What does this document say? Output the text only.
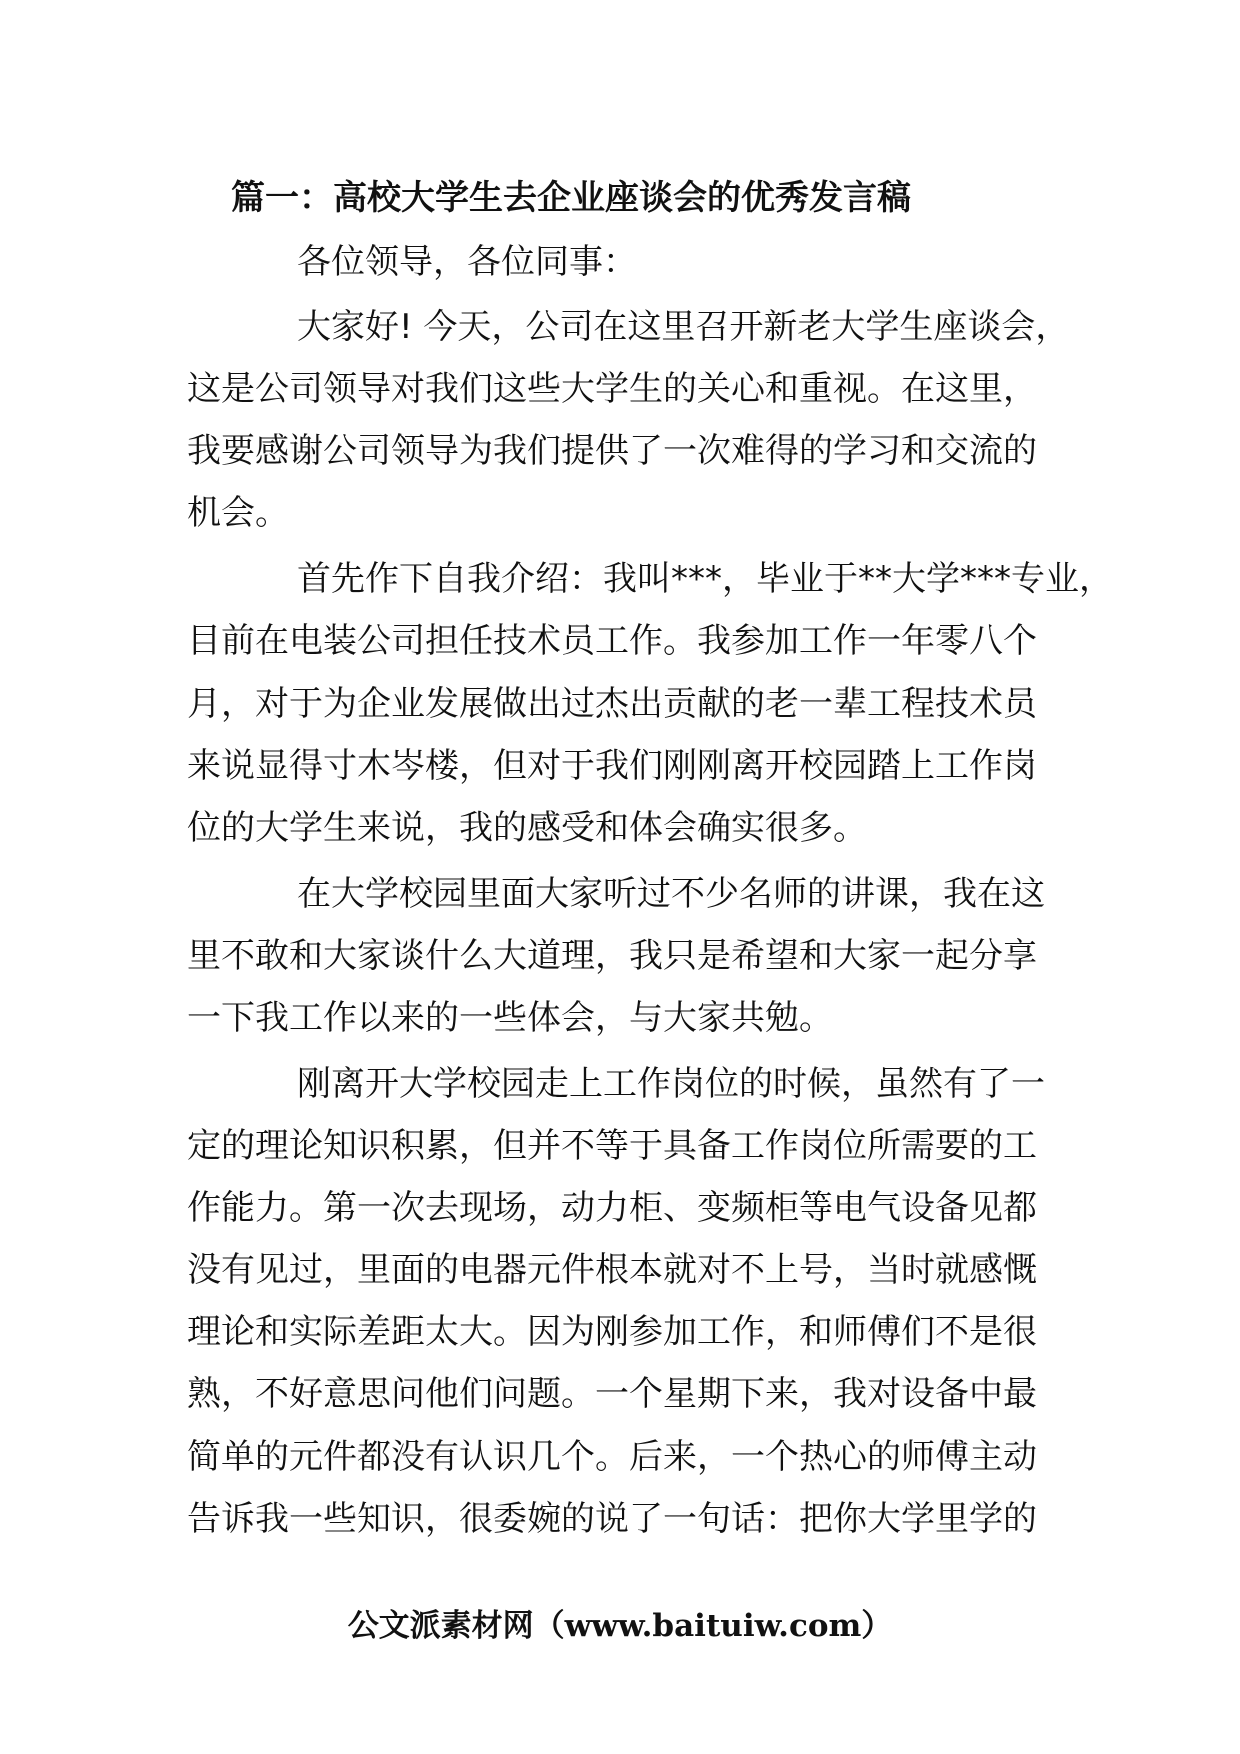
篇一：高校大学生去企业座谈会的优秀发言稿
各位领导，各位同事：
大家好! 今天，公司在这里召开新老大学生座谈会，
这是公司领导对我们这些大学生的关心和重视。在这里，
我要感谢公司领导为我们提供了一次难得的学习和交流的
机会。
首先作下自我介绍：我叫***，毕业于**大学***专业，
目前在电装公司担任技术员工作。我参加工作一年零八个
月，对于为企业发展做出过杰出贡献的老一辈工程技术员
来说显得寸木岑楼，但对于我们刚刚离开校园踏上工作岗
位的大学生来说，我的感受和体会确实很多。
在大学校园里面大家听过不少名师的讲课，我在这
里不敢和大家谈什么大道理，我只是希望和大家一起分享
一下我工作以来的一些体会，与大家共勉。
刚离开大学校园走上工作岗位的时候，虽然有了一
定的理论知识积累，但并不等于具备工作岗位所需要的工
作能力。第一次去现场，动力柜、变频柜等电气设备见都
没有见过，里面的电器元件根本就对不上号，当时就感慨
理论和实际差距太大。因为刚参加工作，和师傅们不是很
熟，不好意思问他们问题。一个星期下来，我对设备中最
简单的元件都没有认识几个。后来，一个热心的师傅主动
告诉我一些知识，很委婉的说了一句话：把你大学里学的
公文派素材网（www.baituiw.com）
